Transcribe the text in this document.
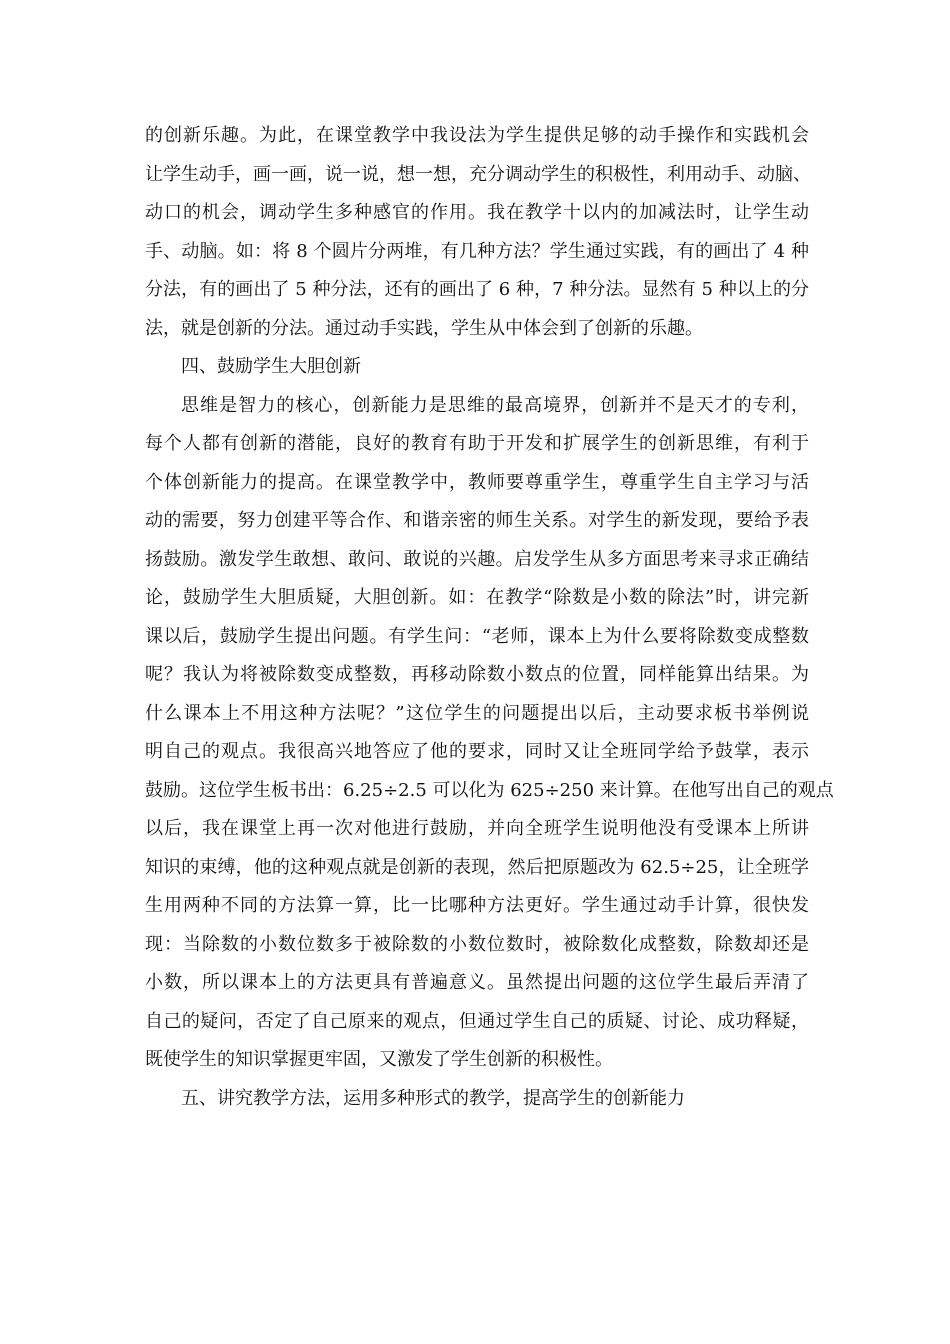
的创新乐趣。为此，在课堂教学中我设法为学生提供足够的动手操作和实践机会
让学生动手，画一画，说一说，想一想，充分调动学生的积极性，利用动手、动脑、
动口的机会，调动学生多种感官的作用。我在教学十以内的加减法时，让学生动
手、动脑。如：将 8 个圆片分两堆，有几种方法？学生通过实践，有的画出了 4 种
分法，有的画出了 5 种分法，还有的画出了 6 种，7 种分法。显然有 5 种以上的分
法，就是创新的分法。通过动手实践，学生从中体会到了创新的乐趣。
四、鼓励学生大胆创新
思维是智力的核心，创新能力是思维的最高境界，创新并不是天才的专利，
每个人都有创新的潜能，良好的教育有助于开发和扩展学生的创新思维，有利于
个体创新能力的提高。在课堂教学中，教师要尊重学生，尊重学生自主学习与活
动的需要，努力创建平等合作、和谐亲密的师生关系。对学生的新发现，要给予表
扬鼓励。激发学生敢想、敢问、敢说的兴趣。启发学生从多方面思考来寻求正确结
论，鼓励学生大胆质疑，大胆创新。如：在教学“除数是小数的除法”时，讲完新
课以后，鼓励学生提出问题。有学生问：“老师，课本上为什么要将除数变成整数
呢？我认为将被除数变成整数，再移动除数小数点的位置，同样能算出结果。为
什么课本上不用这种方法呢？”这位学生的问题提出以后，主动要求板书举例说
明自己的观点。我很高兴地答应了他的要求，同时又让全班同学给予鼓掌，表示
鼓励。这位学生板书出：6.25÷2.5 可以化为 625÷250 来计算。在他写出自己的观点
以后，我在课堂上再一次对他进行鼓励，并向全班学生说明他没有受课本上所讲
知识的束缚，他的这种观点就是创新的表现，然后把原题改为 62.5÷25，让全班学
生用两种不同的方法算一算，比一比哪种方法更好。学生通过动手计算，很快发
现：当除数的小数位数多于被除数的小数位数时，被除数化成整数，除数却还是
小数，所以课本上的方法更具有普遍意义。虽然提出问题的这位学生最后弄清了
自己的疑问，否定了自己原来的观点，但通过学生自己的质疑、讨论、成功释疑，
既使学生的知识掌握更牢固，又激发了学生创新的积极性。
五、讲究教学方法，运用多种形式的教学，提高学生的创新能力
